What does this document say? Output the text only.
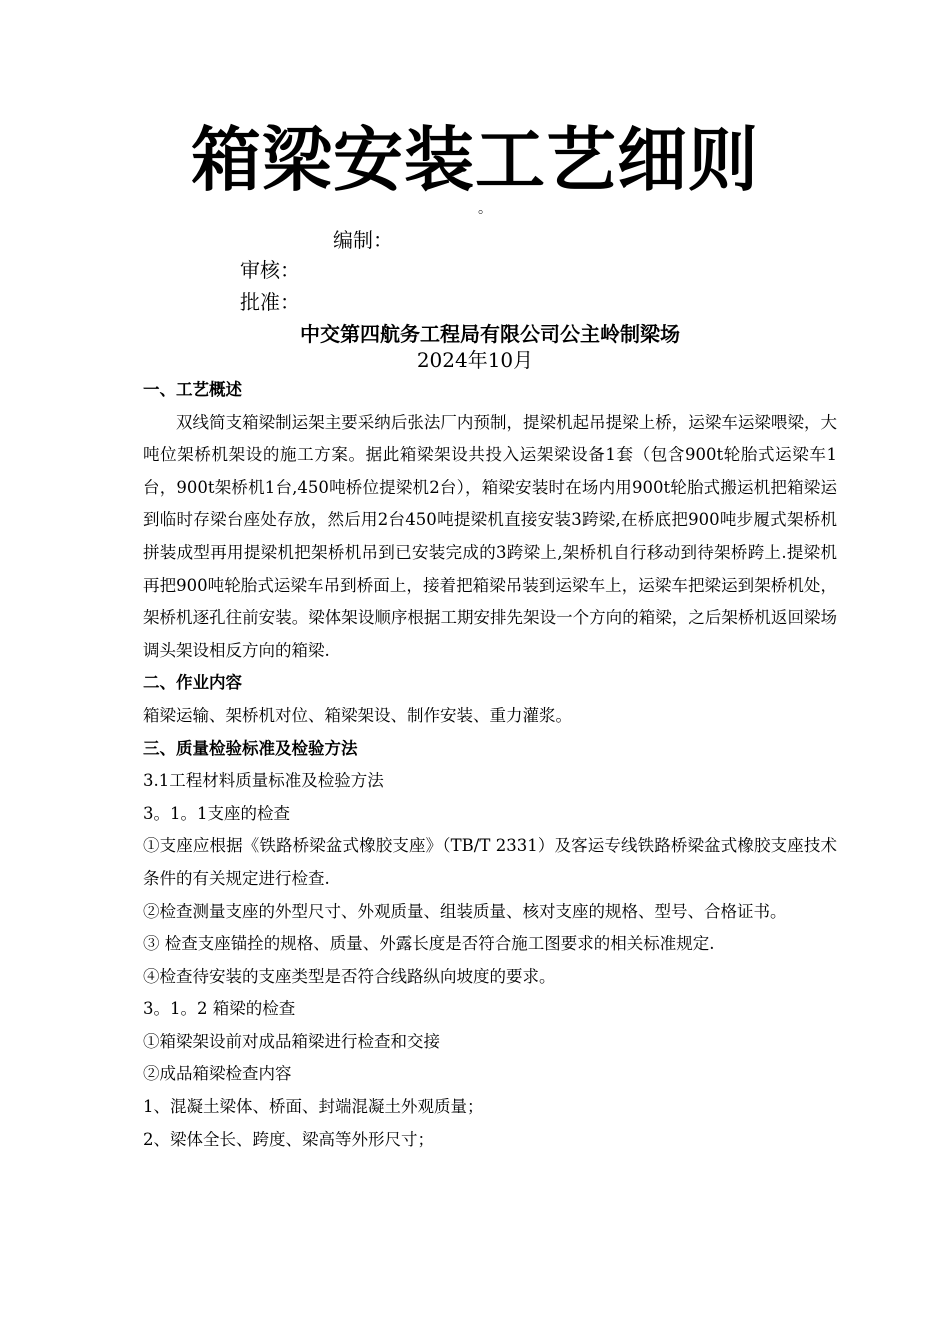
箱梁安装工艺细则
。
编制：
审核：
批准：
中交第四航务工程局有限公司公主岭制梁场
2024年10月
一、工艺概述

双线简支箱梁制运架主要采纳后张法厂内预制，提梁机起吊提梁上桥，运梁车运梁喂梁，大吨位架桥机架设的施工方案。据此箱梁架设共投入运架梁设备1套（包含900t轮胎式运梁车1台，900t架桥机1台,450吨桥位提梁机2台），箱梁安装时在场内用900t轮胎式搬运机把箱梁运到临时存梁台座处存放，然后用2台450吨提梁机直接安装3跨梁,在桥底把900吨步履式架桥机拼装成型再用提梁机把架桥机吊到已安装完成的3跨梁上,架桥机自行移动到待架桥跨上.提梁机再把900吨轮胎式运梁车吊到桥面上，接着把箱梁吊装到运梁车上，运梁车把梁运到架桥机处，架桥机逐孔往前安装。梁体架设顺序根据工期安排先架设一个方向的箱梁，之后架桥机返回梁场调头架设相反方向的箱梁.

二、作业内容

箱梁运输、架桥机对位、箱梁架设、制作安装、重力灌浆。

三、质量检验标准及检验方法

3.1工程材料质量标准及检验方法

3。1。1支座的检查

①支座应根据《铁路桥梁盆式橡胶支座》（TB/T 2331）及客运专线铁路桥梁盆式橡胶支座技术条件的有关规定进行检查.

②检查测量支座的外型尺寸、外观质量、组装质量、核对支座的规格、型号、合格证书。

③ 检查支座锚拴的规格、质量、外露长度是否符合施工图要求的相关标准规定.

④检查待安装的支座类型是否符合线路纵向坡度的要求。

3。1。2 箱梁的检查

①箱梁架设前对成品箱梁进行检查和交接

②成品箱梁检查内容

1、混凝土梁体、桥面、封端混凝土外观质量；

2、梁体全长、跨度、梁高等外形尺寸；
